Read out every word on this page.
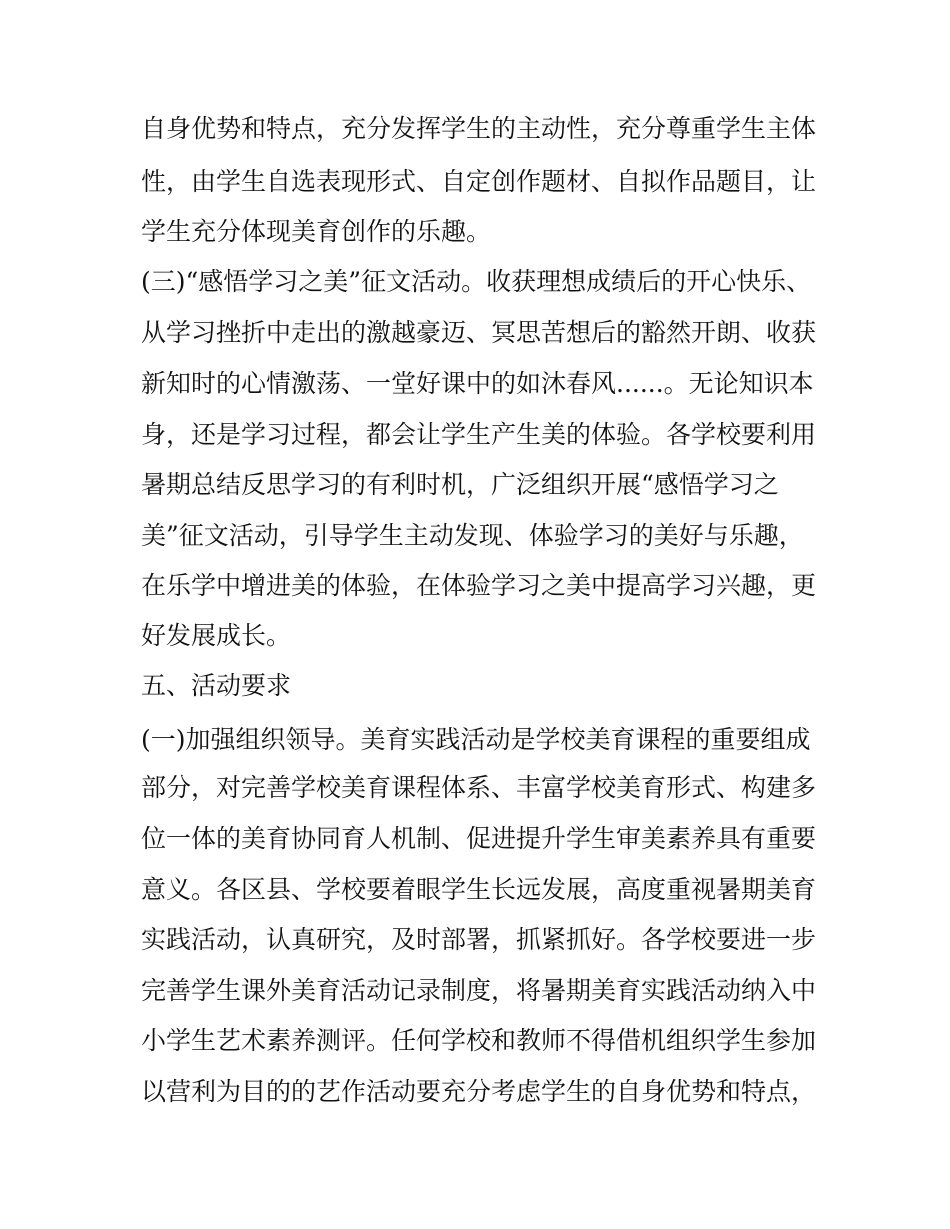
自身优势和特点，充分发挥学生的主动性，充分尊重学生主体
性，由学生自选表现形式、自定创作题材、自拟作品题目，让
学生充分体现美育创作的乐趣。
(三)“感悟学习之美”征文活动。收获理想成绩后的开心快乐、
从学习挫折中走出的激越豪迈、冥思苦想后的豁然开朗、收获
新知时的心情激荡、一堂好课中的如沐春风......。无论知识本
身，还是学习过程，都会让学生产生美的体验。各学校要利用
暑期总结反思学习的有利时机，广泛组织开展“感悟学习之
美”征文活动，引导学生主动发现、体验学习的美好与乐趣，
在乐学中增进美的体验，在体验学习之美中提高学习兴趣，更
好发展成长。
五、活动要求
(一)加强组织领导。美育实践活动是学校美育课程的重要组成
部分，对完善学校美育课程体系、丰富学校美育形式、构建多
位一体的美育协同育人机制、促进提升学生审美素养具有重要
意义。各区县、学校要着眼学生长远发展，高度重视暑期美育
实践活动，认真研究，及时部署，抓紧抓好。各学校要进一步
完善学生课外美育活动记录制度，将暑期美育实践活动纳入中
小学生艺术素养测评。任何学校和教师不得借机组织学生参加
以营利为目的的艺作活动要充分考虑学生的自身优势和特点，
